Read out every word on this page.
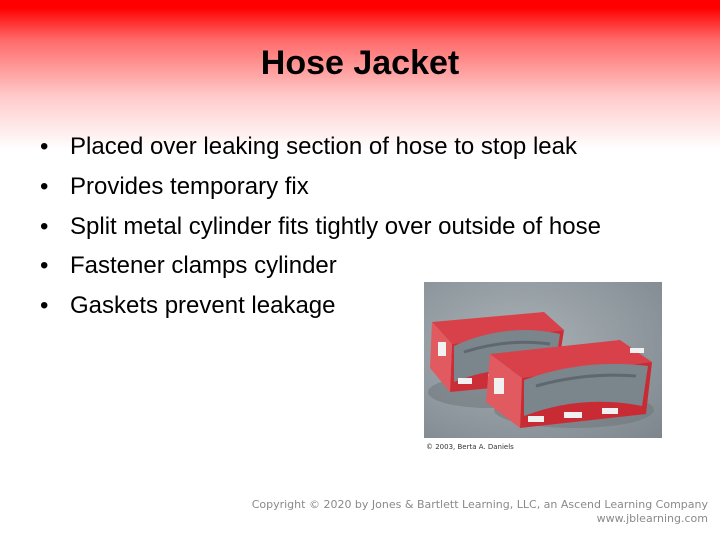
Hose Jacket
• Placed over leaking section of hose to stop leak
• Provides temporary fix
• Split metal cylinder fits tightly over outside of hose
• Fastener clamps cylinder
• Gaskets prevent leakage
© 2003, Berta A. Daniels
Copyright © 2020 by Jones & Bartlett Learning, LLC, an Ascend Learning Company
www.jblearning.com
